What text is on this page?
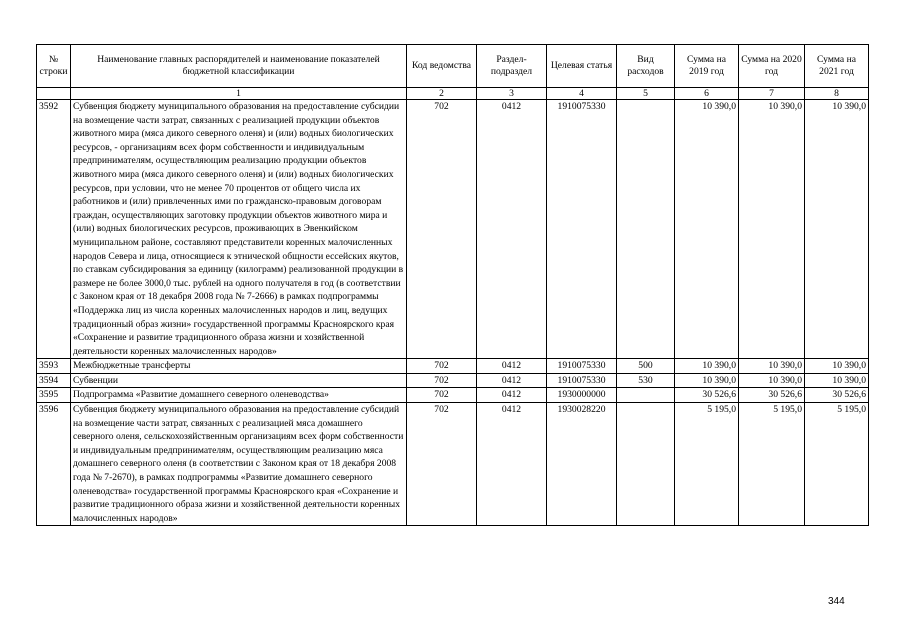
№ строки	Наименование главных распорядителей и наименование показателей бюджетной классификации	Код ведомства	Раздел-подраздел	Целевая статья	Вид расходов	Сумма на 2019 год	Сумма на 2020 год	Сумма на 2021 год
	1	2	3	4	5	6	7	8
3592	Субвенция бюджету муниципального образования на предоставление субсидии на возмещение части затрат, связанных с реализацией продукции объектов животного мира (мяса дикого северного оленя) и (или) водных биологических ресурсов, - организациям всех форм собственности и индивидуальным предпринимателям, осуществляющим реализацию продукции объектов животного мира (мяса дикого северного оленя) и (или) водных биологических ресурсов, при условии, что не менее 70 процентов от общего числа их работников и (или) привлеченных ими по гражданско-правовым договорам граждан, осуществляющих заготовку продукции объектов животного мира и (или) водных биологических ресурсов, проживающих в Эвенкийском муниципальном районе, составляют представители коренных малочисленных народов Севера и лица, относящиеся к этнической общности ессейских якутов, по ставкам субсидирования за единицу (килограмм) реализованной продукции в размере не более 3000,0 тыс. рублей на одного получателя в год (в соответствии с Законом края от 18 декабря 2008 года № 7-2666) в рамках подпрограммы «Поддержка лиц из числа коренных малочисленных народов и лиц, ведущих традиционный образ жизни» государственной программы Красноярского края «Сохранение и развитие традиционного образа жизни и хозяйственной деятельности коренных малочисленных народов»	702	0412	1910075330		10 390,0	10 390,0	10 390,0
3593	Межбюджетные трансферты	702	0412	1910075330	500	10 390,0	10 390,0	10 390,0
3594	Субвенции	702	0412	1910075330	530	10 390,0	10 390,0	10 390,0
3595	Подпрограмма «Развитие домашнего северного оленеводства»	702	0412	1930000000		30 526,6	30 526,6	30 526,6
3596	Субвенция бюджету муниципального образования на предоставление субсидий на возмещение части затрат, связанных с реализацией мяса домашнего северного оленя, сельскохозяйственным организациям всех форм собственности и индивидуальным предпринимателям, осуществляющим реализацию мяса домашнего северного оленя (в соответствии с Законом края от 18 декабря 2008 года № 7-2670), в рамках подпрограммы «Развитие домашнего северного оленеводства» государственной программы Красноярского края «Сохранение и развитие традиционного образа жизни и хозяйственной деятельности коренных малочисленных народов»	702	0412	1930028220		5 195,0	5 195,0	5 195,0
344
